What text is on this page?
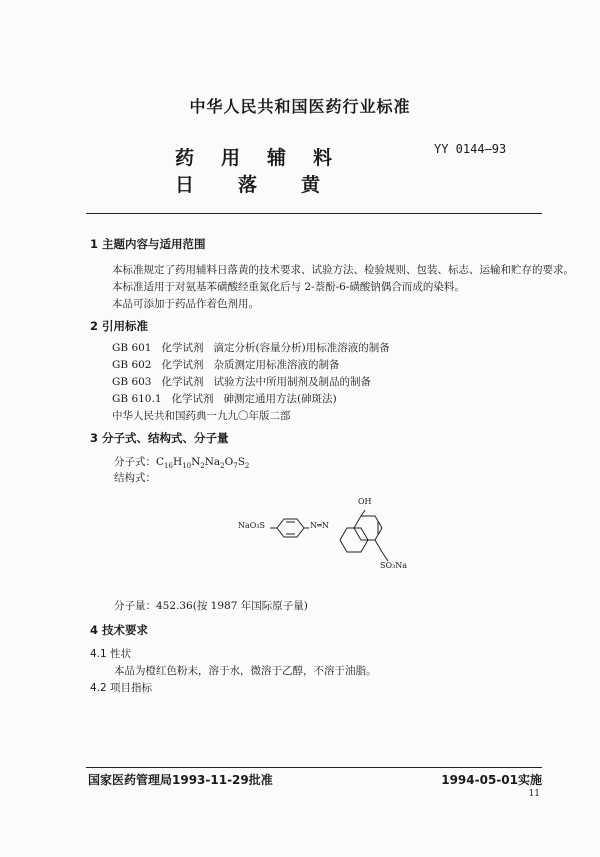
中华人民共和国医药行业标准
药用辅料
日落黄
YY 0144—93
1 主题内容与适用范围
本标准规定了药用辅料日落黄的技术要求、试验方法、检验规则、包装、标志、运输和贮存的要求。
本标准适用于对氨基苯磺酸经重氮化后与 2-萘酚-6-磺酸钠偶合而成的染料。
本品可添加于药品作着色剂用。
2 引用标准
GB 601   化学试剂   滴定分析(容量分析)用标准溶液的制备
GB 602   化学试剂   杂质测定用标准溶液的制备
GB 603   化学试剂   试验方法中所用制剂及制品的制备
GB 610.1   化学试剂   砷测定通用方法(砷斑法)
中华人民共和国药典一九九〇年版二部
3 分子式、结构式、分子量
分子式：$C_{16}H_{10}N_2Na_2O_7S_2$
结构式：
NaO₃S	N═N
OH
SO₃Na
分子量：452.36(按 1987 年国际原子量)
4 技术要求
4.1 性状
本品为橙红色粉末，溶于水，微溶于乙醇，不溶于油脂。
4.2 项目指标
国家医药管理局1993-11-29批准	1994-05-01实施
11
